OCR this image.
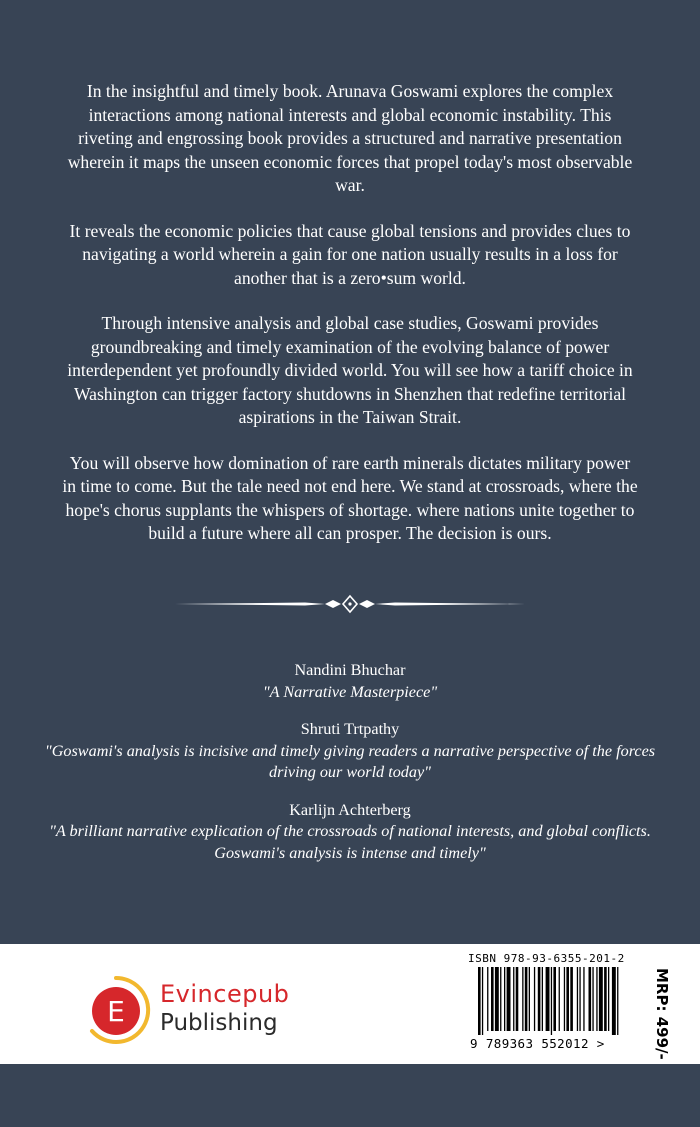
In the insightful and timely book. Arunava Goswami explores the complex interactions among national interests and global economic instability. This riveting and engrossing book provides a structured and narrative presentation wherein it maps the unseen economic forces that propel today's most observable war.

It reveals the economic policies that cause global tensions and provides clues to navigating a world wherein a gain for one nation usually results in a loss for another that is a zero•sum world.

Through intensive analysis and global case studies, Goswami provides groundbreaking and timely examination of the evolving balance of power interdependent yet profoundly divided world. You will see how a tariff choice in Washington can trigger factory shutdowns in Shenzhen that redefine territorial aspirations in the Taiwan Strait.

You will observe how domination of rare earth minerals dictates military power in time to come. But the tale need not end here. We stand at crossroads, where the hope's chorus supplants the whispers of shortage. where nations unite together to build a future where all can prosper. The decision is ours.

Nandini Bhuchar
"A Narrative Masterpiece"
Shruti Trtpathy
"Goswami's analysis is incisive and timely giving readers a narrative perspective of the forces driving our world today"
Karlijn Achterberg
"A brilliant narrative explication of the crossroads of national interests, and global conflicts. Goswami's analysis is intense and timely"
E
Evincepub
Publishing
ISBN 978-93-6355-201-2
9 789363 552012 >	MRP: 499/-
